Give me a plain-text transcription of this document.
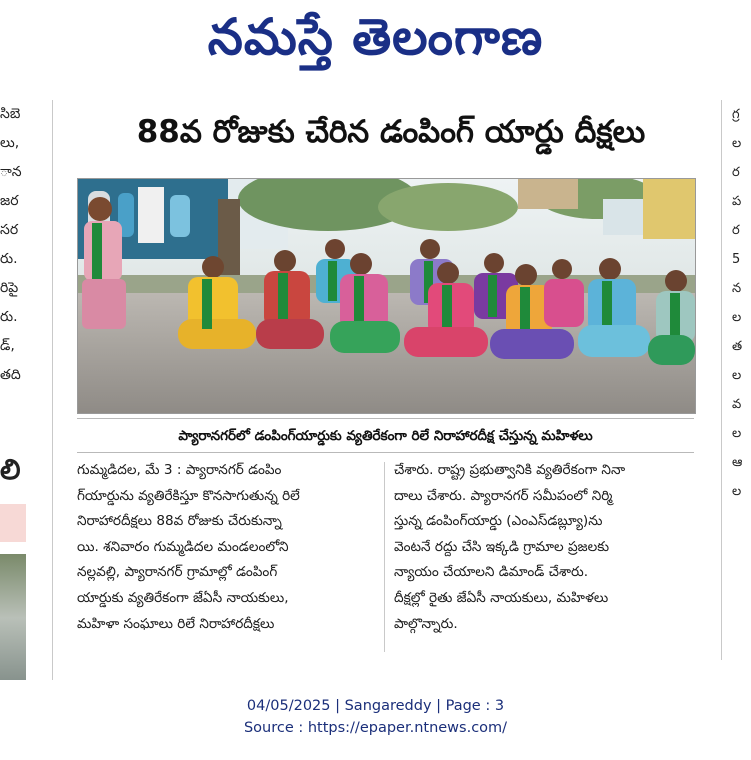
నమస్తే తెలంగాణ
సిబె
లు,
ాన
జర
సర
రు.
రిపై
రు.
డ్,
తది
లి
గ్ర
ల
ర
ప
ర
5
న
ల
త
ల
వ
ల
ఆ
ల
88వ రోజుకు చేరిన డంపింగ్ యార్డు దీక్షలు
ప్యారానగర్‌లో డంపింగ్‌యార్డుకు వ్యతిరేకంగా రిలే నిరాహారదీక్ష చేస్తున్న మహిళలు
గుమ్మడిదల, మే 3 : ప్యారానగర్ డంపిం
గ్‌యార్డును వ్యతిరేకిస్తూ కొనసాగుతున్న రిలే
నిరాహారదీక్షలు 88వ రోజుకు చేరుకున్నా
యి. శనివారం గుమ్మడిదల మండలంలోని
నల్లవల్లి, ప్యారానగర్ గ్రామాల్లో డంపింగ్
యార్డుకు వ్యతిరేకంగా జేఏసీ నాయకులు,
మహిళా సంఘాలు రిలే నిరాహారదీక్షలు
చేశారు. రాష్ట్ర ప్రభుత్వానికి వ్యతిరేకంగా నినా
దాలు చేశారు. ప్యారానగర్ సమీపంలో నిర్మి
స్తున్న డంపింగ్‌యార్డు (ఎంఎస్‌డబ్ల్యూ)ను
వెంటనే రద్దు చేసి ఇక్కడి గ్రామాల ప్రజలకు
న్యాయం చేయాలని డిమాండ్ చేశారు.
దీక్షల్లో రైతు జేఏసీ నాయకులు, మహిళలు
పాల్గొన్నారు.
04/05/2025 | Sangareddy | Page : 3
Source : https://epaper.ntnews.com/
